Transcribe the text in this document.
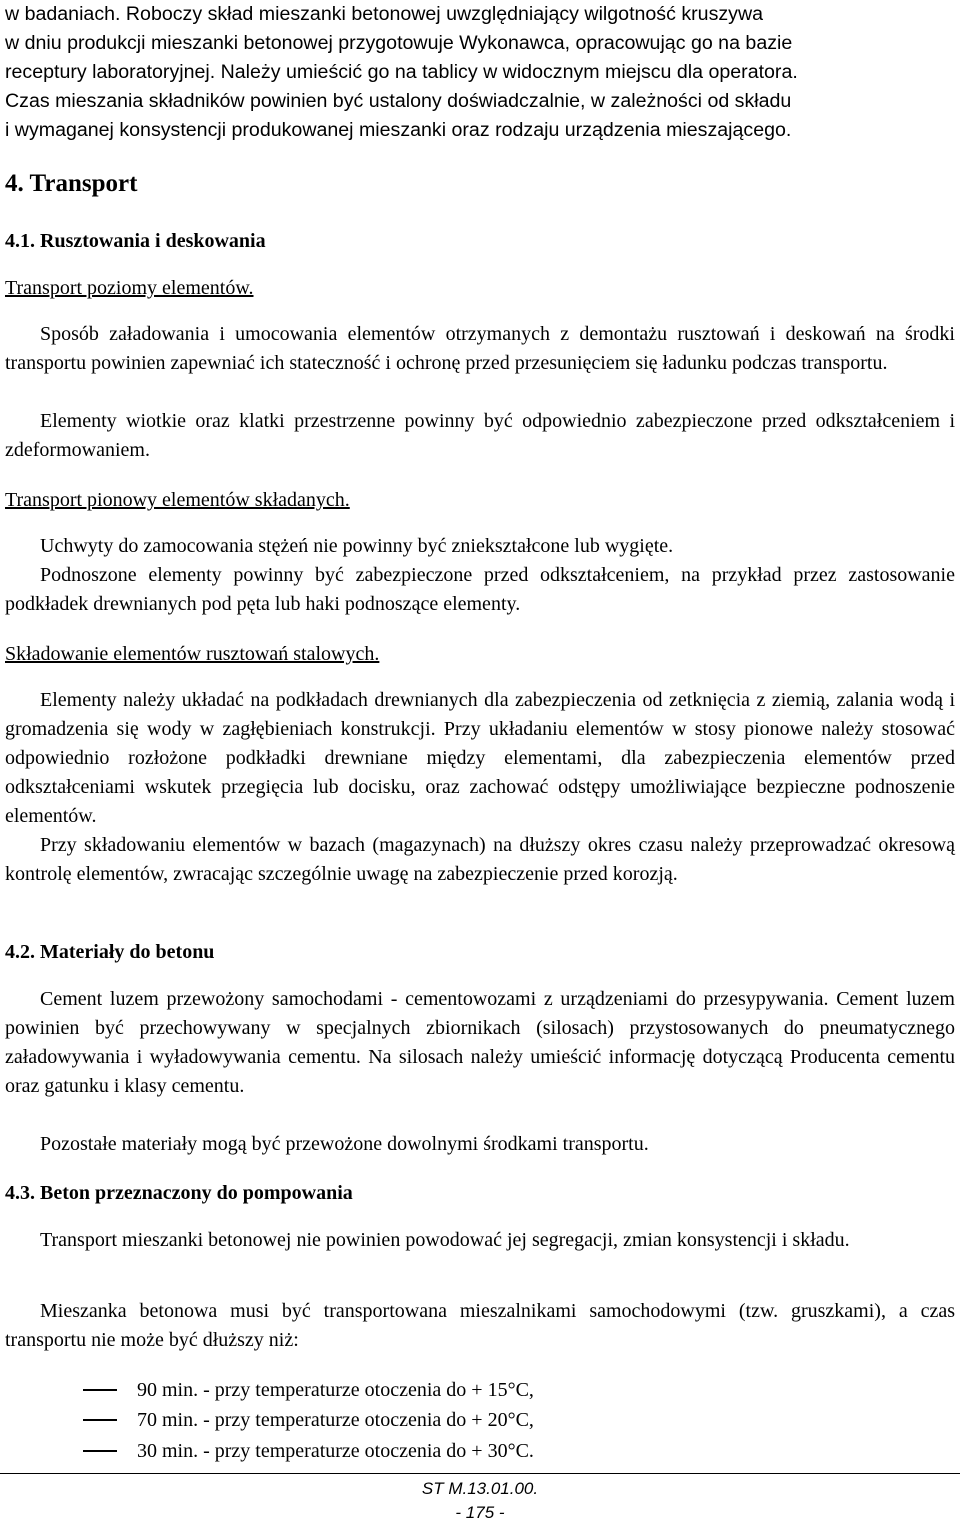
w badaniach. Roboczy skład mieszanki betonowej uwzględniający wilgotność kruszywa
w dniu produkcji mieszanki betonowej przygotowuje Wykonawca, opracowując go na bazie
receptury laboratoryjnej. Należy umieścić go na tablicy w widocznym miejscu dla operatora.
Czas mieszania składników powinien być ustalony doświadczalnie, w zależności od składu
i wymaganej konsystencji produkowanej mieszanki oraz rodzaju urządzenia mieszającego.
4. Transport
4.1. Rusztowania i deskowania
Transport poziomy elementów.

Sposób załadowania i umocowania elementów otrzymanych z demontażu rusztowań i deskowań na środki transportu powinien zapewniać ich stateczność i ochronę przed przesunięciem się ładunku podczas transportu.

Elementy wiotkie oraz klatki przestrzenne powinny być odpowiednio zabezpieczone przed odkształceniem i zdeformowaniem.

Transport pionowy elementów składanych.

Uchwyty do zamocowania stężeń nie powinny być zniekształcone lub wygięte.

Podnoszone elementy powinny być zabezpieczone przed odkształceniem, na przykład przez zastosowanie podkładek drewnianych pod pęta lub haki podnoszące elementy.

Składowanie elementów rusztowań stalowych.

Elementy należy układać na podkładach drewnianych dla zabezpieczenia od zetknięcia z ziemią, zalania wodą i gromadzenia się wody w zagłębieniach konstrukcji. Przy układaniu elementów w stosy pionowe należy stosować odpowiednio rozłożone podkładki drewniane między elementami, dla zabezpieczenia elementów przed odkształceniami wskutek przegięcia lub docisku, oraz zachować odstępy umożliwiające bezpieczne podnoszenie elementów.

Przy składowaniu elementów w bazach (magazynach) na dłuższy okres czasu należy przeprowadzać okresową kontrolę elementów, zwracając szczególnie uwagę na zabezpieczenie przed korozją.

4.2. Materiały do betonu

Cement luzem przewożony samochodami - cementowozami z urządzeniami do przesypywania. Cement luzem powinien być przechowywany w specjalnych zbiornikach (silosach) przystosowanych do pneumatycznego załadowywania i wyładowywania cementu. Na silosach należy umieścić informację dotyczącą Producenta cementu oraz gatunku i klasy cementu.

Pozostałe materiały mogą być przewożone dowolnymi środkami transportu.

4.3. Beton przeznaczony do pompowania

Transport mieszanki betonowej nie powinien powodować jej segregacji, zmian konsystencji i składu.

Mieszanka betonowa musi być transportowana mieszalnikami samochodowymi (tzw. gruszkami), a czas transportu nie może być dłuższy niż:

90 min. - przy temperaturze otoczenia do + 15°C,
70 min. - przy temperaturze otoczenia do + 20°C,
30 min. - przy temperaturze otoczenia do + 30°C.
ST M.13.01.00.
- 175 -
